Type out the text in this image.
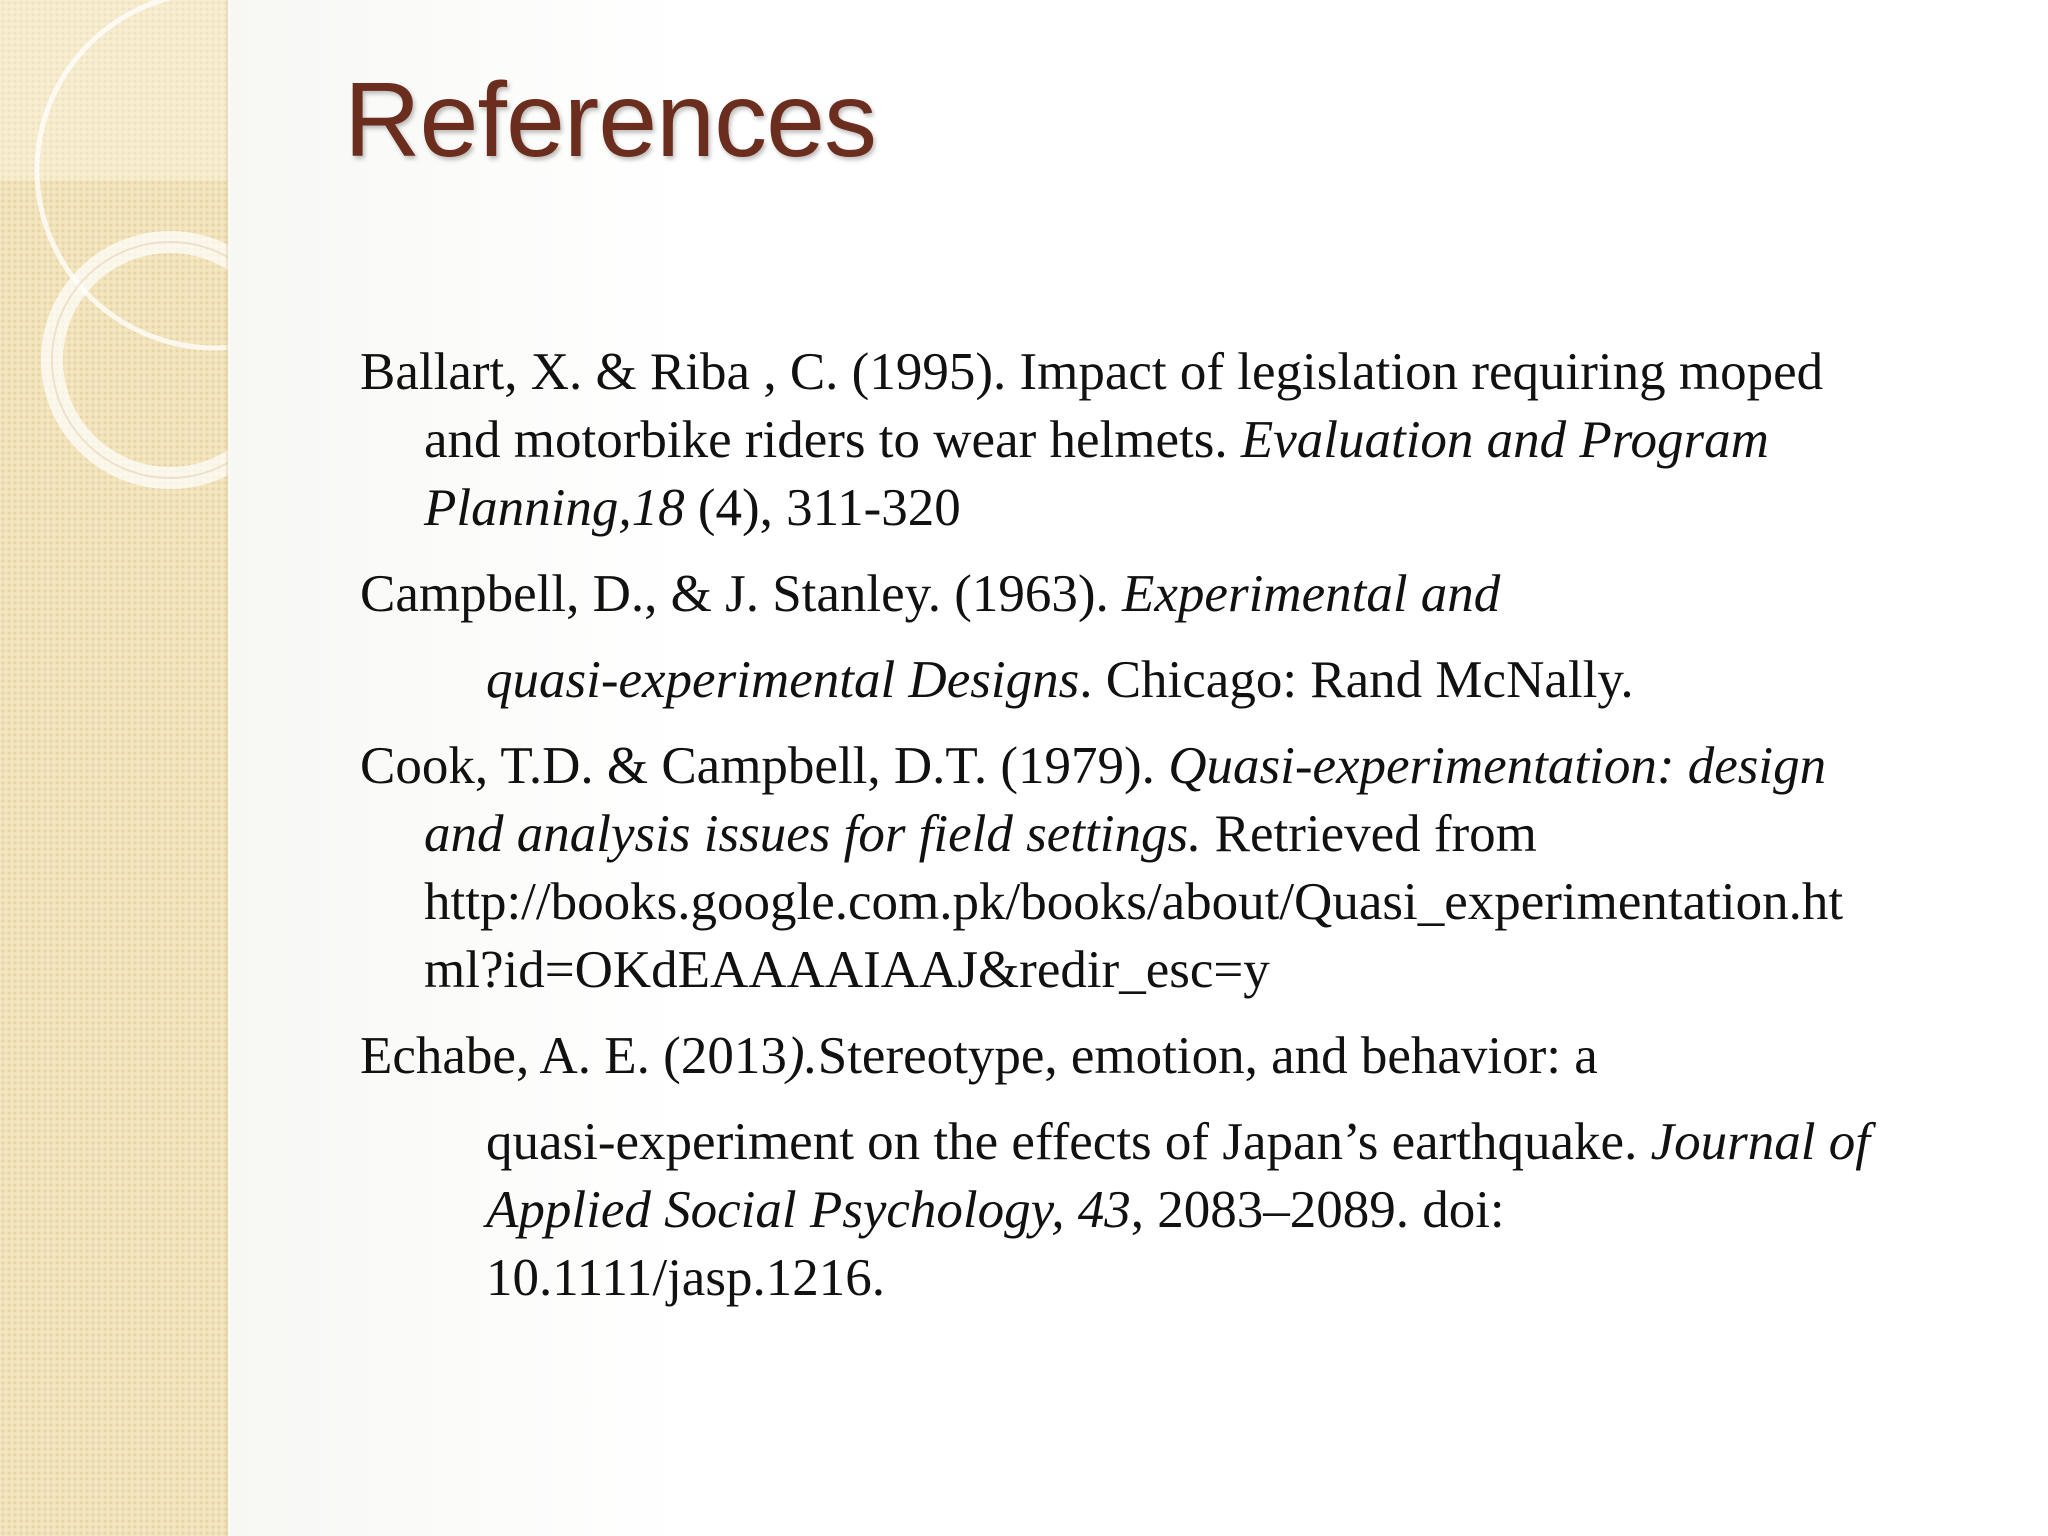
References
Ballart, X. & Riba , C. (1995). Impact of legislation requiring moped
and motorbike riders to wear helmets. Evaluation and Program
Planning,18 (4), 311-320
Campbell, D., & J. Stanley. (1963). Experimental and
quasi-experimental Designs. Chicago: Rand McNally.
Cook, T.D. & Campbell, D.T. (1979). Quasi-experimentation: design
and analysis issues for field settings. Retrieved from
http://books.google.com.pk/books/about/Quasi_experimentation.ht
ml?id=OKdEAAAAIAAJ&redir_esc=y
Echabe, A. E. (2013).Stereotype, emotion, and behavior: a
quasi-experiment on the effects of Japan’s earthquake. Journal of
Applied Social Psychology, 43, 2083–2089. doi:
10.1111/jasp.1216.
